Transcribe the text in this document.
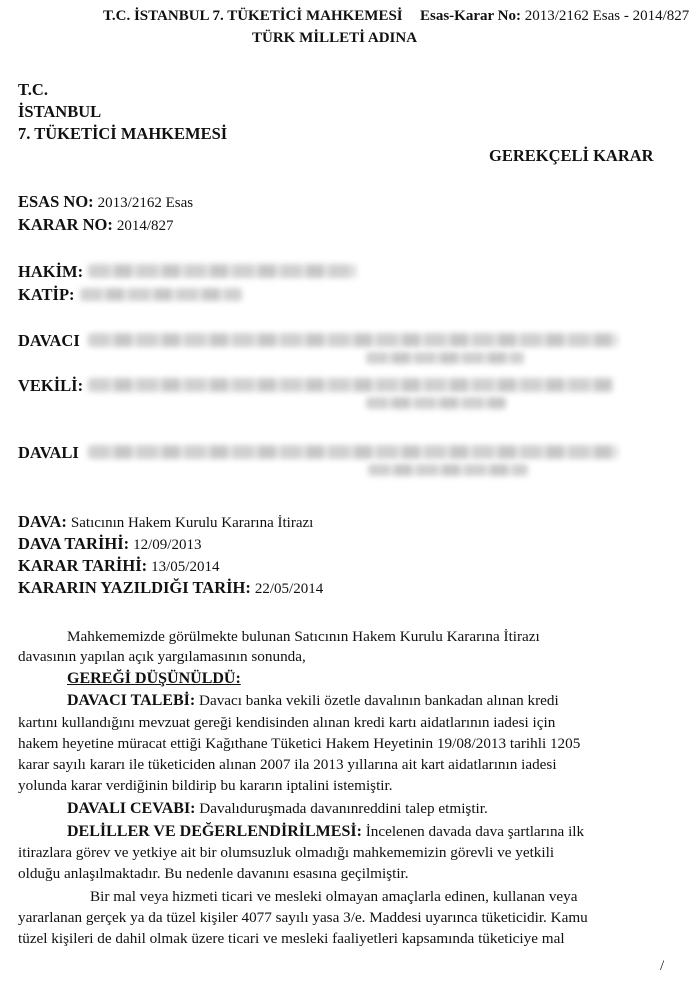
T.C. İSTANBUL 7. TÜKETİCİ MAHKEMESİ Esas-Karar No: 2013/2162 Esas - 2014/827
TÜRK MİLLETİ ADINA
T.C.
İSTANBUL
7. TÜKETİCİ MAHKEMESİ
GEREKÇELİ KARAR
ESAS NO: 2013/2162 Esas
KARAR NO: 2014/827
HAKİM:
KATİP:
DAVACI
VEKİLİ:
DAVALI
DAVA: Satıcının Hakem Kurulu Kararına İtirazı
DAVA TARİHİ: 12/09/2013
KARAR TARİHİ: 13/05/2014
KARARIN YAZILDIĞI TARİH: 22/05/2014
Mahkememizde görülmekte bulunan Satıcının Hakem Kurulu Kararına İtirazı
davasının yapılan açık yargılamasının sonunda,
GEREĞİ DÜŞÜNÜLDÜ:
DAVACI TALEBİ: Davacı banka vekili özetle davalının bankadan alınan kredi
kartını kullandığını mevzuat gereği kendisinden alınan kredi kartı aidatlarının iadesi için
hakem heyetine müracat ettiği Kağıthane Tüketici Hakem Heyetinin 19/08/2013 tarihli 1205
karar sayılı kararı ile tüketiciden alınan 2007 ila 2013 yıllarına ait kart aidatlarının iadesi
yolunda karar verdiğinin bildirip bu kararın iptalini istemiştir.
DAVALI CEVABI: Davalıduruşmada davanınreddini talep etmiştir.
DELİLLER VE DEĞERLENDİRİLMESİ: İncelenen davada dava şartlarına ilk
itirazlara görev ve yetkiye ait bir olumsuzluk olmadığı mahkememizin görevli ve yetkili
olduğu anlaşılmaktadır. Bu nedenle davanını esasına geçilmiştir.
Bir mal veya hizmeti ticari ve mesleki olmayan amaçlarla edinen, kullanan veya
yararlanan gerçek ya da tüzel kişiler 4077 sayılı yasa 3/e. Maddesi uyarınca tüketicidir. Kamu
tüzel kişileri de dahil olmak üzere ticari ve mesleki faaliyetleri kapsamında tüketiciye mal
/
